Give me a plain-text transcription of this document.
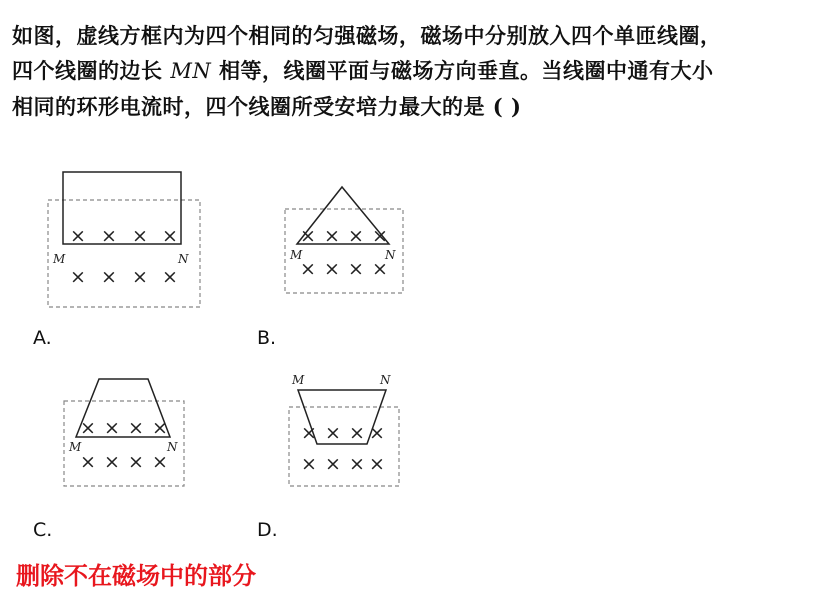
如图，虚线方框内为四个相同的匀强磁场，磁场中分别放入四个单匝线圈，
四个线圈的边长 MN 相等，线圈平面与磁场方向垂直。当线圈中通有大小
相同的环形电流时，四个线圈所受安培力最大的是 ( )
M	N
× × × ×
× × × ×
M	N
× × × ×
× × × ×
M	N
× × × ×
× × × ×
M	N
× × × ×
× × × ×
A.	B.
C.	D.
删除不在磁场中的部分
